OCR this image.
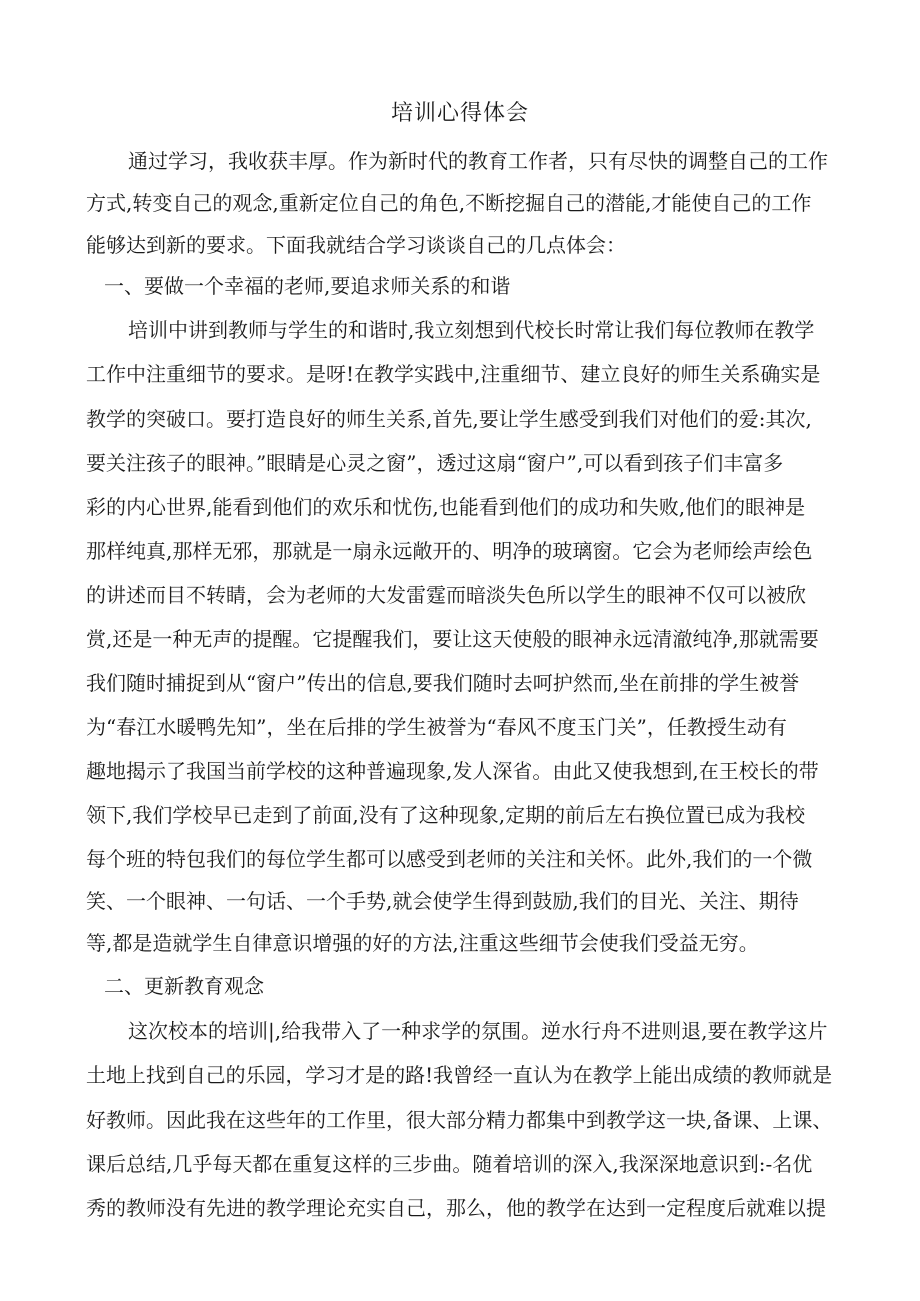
培训心得体会
通过学习，我收获丰厚。作为新时代的教育工作者，只有尽快的调整自己的工作
方式,转变自己的观念,重新定位自己的角色,不断挖掘自己的潜能,才能使自己的工作
能够达到新的要求。下面我就结合学习谈谈自己的几点体会：
一、要做一个幸福的老师,要追求师关系的和谐
培训中讲到教师与学生的和谐时,我立刻想到代校长时常让我们每位教师在教学
工作中注重细节的要求。是呀!在教学实践中,注重细节、建立良好的师生关系确实是
教学的突破口。要打造良好的师生关系,首先,要让学生感受到我们对他们的爱:其次,
要关注孩子的眼神。”眼睛是心灵之窗”，透过这扇“窗户”,可以看到孩子们丰富多
彩的内心世界,能看到他们的欢乐和忧伤,也能看到他们的成功和失败,他们的眼神是
那样纯真,那样无邪，那就是一扇永远敞开的、明净的玻璃窗。它会为老师绘声绘色
的讲述而目不转睛，会为老师的大发雷霆而暗淡失色所以学生的眼神不仅可以被欣
赏,还是一种无声的提醒。它提醒我们，要让这天使般的眼神永远清澈纯净,那就需要
我们随时捕捉到从“窗户”传出的信息,要我们随时去呵护然而,坐在前排的学生被誉
为“春江水暖鸭先知”，坐在后排的学生被誉为“春风不度玉门关”，任教授生动有
趣地揭示了我国当前学校的这种普遍现象,发人深省。由此又使我想到,在王校长的带
领下,我们学校早已走到了前面,没有了这种现象,定期的前后左右换位置已成为我校
每个班的特包我们的每位学生都可以感受到老师的关注和关怀。此外,我们的一个微
笑、一个眼神、一句话、一个手势,就会使学生得到鼓励,我们的目光、关注、期待
等,都是造就学生自律意识增强的好的方法,注重这些细节会使我们受益无穷。
二、更新教育观念
这次校本的培训|,给我带入了一种求学的氛围。逆水行舟不进则退,要在教学这片
土地上找到自己的乐园，学习才是的路!我曾经一直认为在教学上能出成绩的教师就是
好教师。因此我在这些年的工作里，很大部分精力都集中到教学这一块,备课、上课、
课后总结,几乎每天都在重复这样的三步曲。随着培训的深入,我深深地意识到:-名优
秀的教师没有先进的教学理论充实自己，那么，他的教学在达到一定程度后就难以提
